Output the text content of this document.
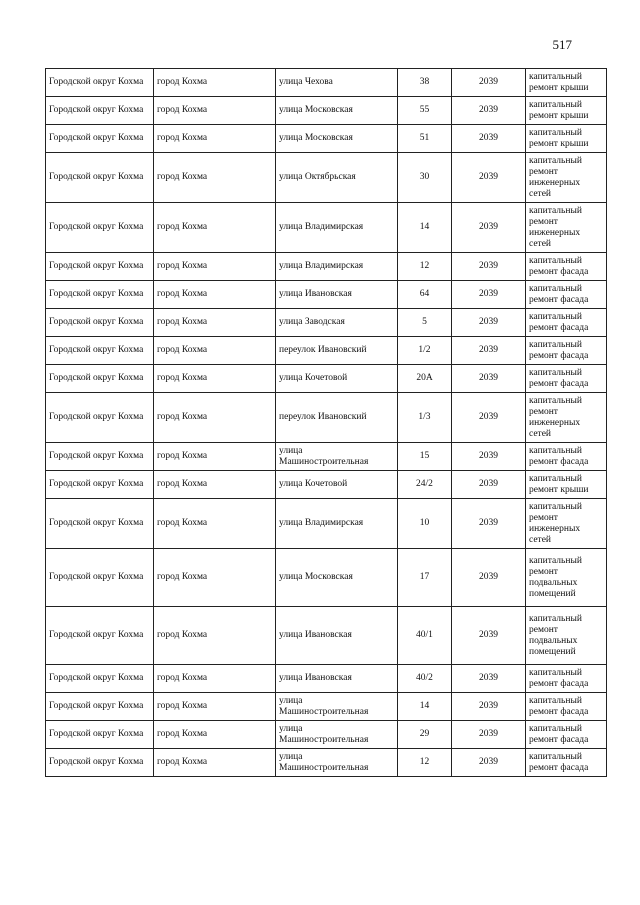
517
Городской округ Кохма	город Кохма	улица Чехова	38	2039	капитальный ремонт крыши
Городской округ Кохма	город Кохма	улица Московская	55	2039	капитальный ремонт крыши
Городской округ Кохма	город Кохма	улица Московская	51	2039	капитальный ремонт крыши
Городской округ Кохма	город Кохма	улица Октябрьская	30	2039	капитальный ремонт инженерных сетей
Городской округ Кохма	город Кохма	улица Владимирская	14	2039	капитальный ремонт инженерных сетей
Городской округ Кохма	город Кохма	улица Владимирская	12	2039	капитальный ремонт фасада
Городской округ Кохма	город Кохма	улица Ивановская	64	2039	капитальный ремонт фасада
Городской округ Кохма	город Кохма	улица Заводская	5	2039	капитальный ремонт фасада
Городской округ Кохма	город Кохма	переулок Ивановский	1/2	2039	капитальный ремонт фасада
Городской округ Кохма	город Кохма	улица Кочетовой	20А	2039	капитальный ремонт фасада
Городской округ Кохма	город Кохма	переулок Ивановский	1/3	2039	капитальный ремонт инженерных сетей
Городской округ Кохма	город Кохма	улица Машиностроительная	15	2039	капитальный ремонт фасада
Городской округ Кохма	город Кохма	улица Кочетовой	24/2	2039	капитальный ремонт крыши
Городской округ Кохма	город Кохма	улица Владимирская	10	2039	капитальный ремонт инженерных сетей
Городской округ Кохма	город Кохма	улица Московская	17	2039	капитальный ремонт подвальных помещений
Городской округ Кохма	город Кохма	улица Ивановская	40/1	2039	капитальный ремонт подвальных помещений
Городской округ Кохма	город Кохма	улица Ивановская	40/2	2039	капитальный ремонт фасада
Городской округ Кохма	город Кохма	улица Машиностроительная	14	2039	капитальный ремонт фасада
Городской округ Кохма	город Кохма	улица Машиностроительная	29	2039	капитальный ремонт фасада
Городской округ Кохма	город Кохма	улица Машиностроительная	12	2039	капитальный ремонт фасада
